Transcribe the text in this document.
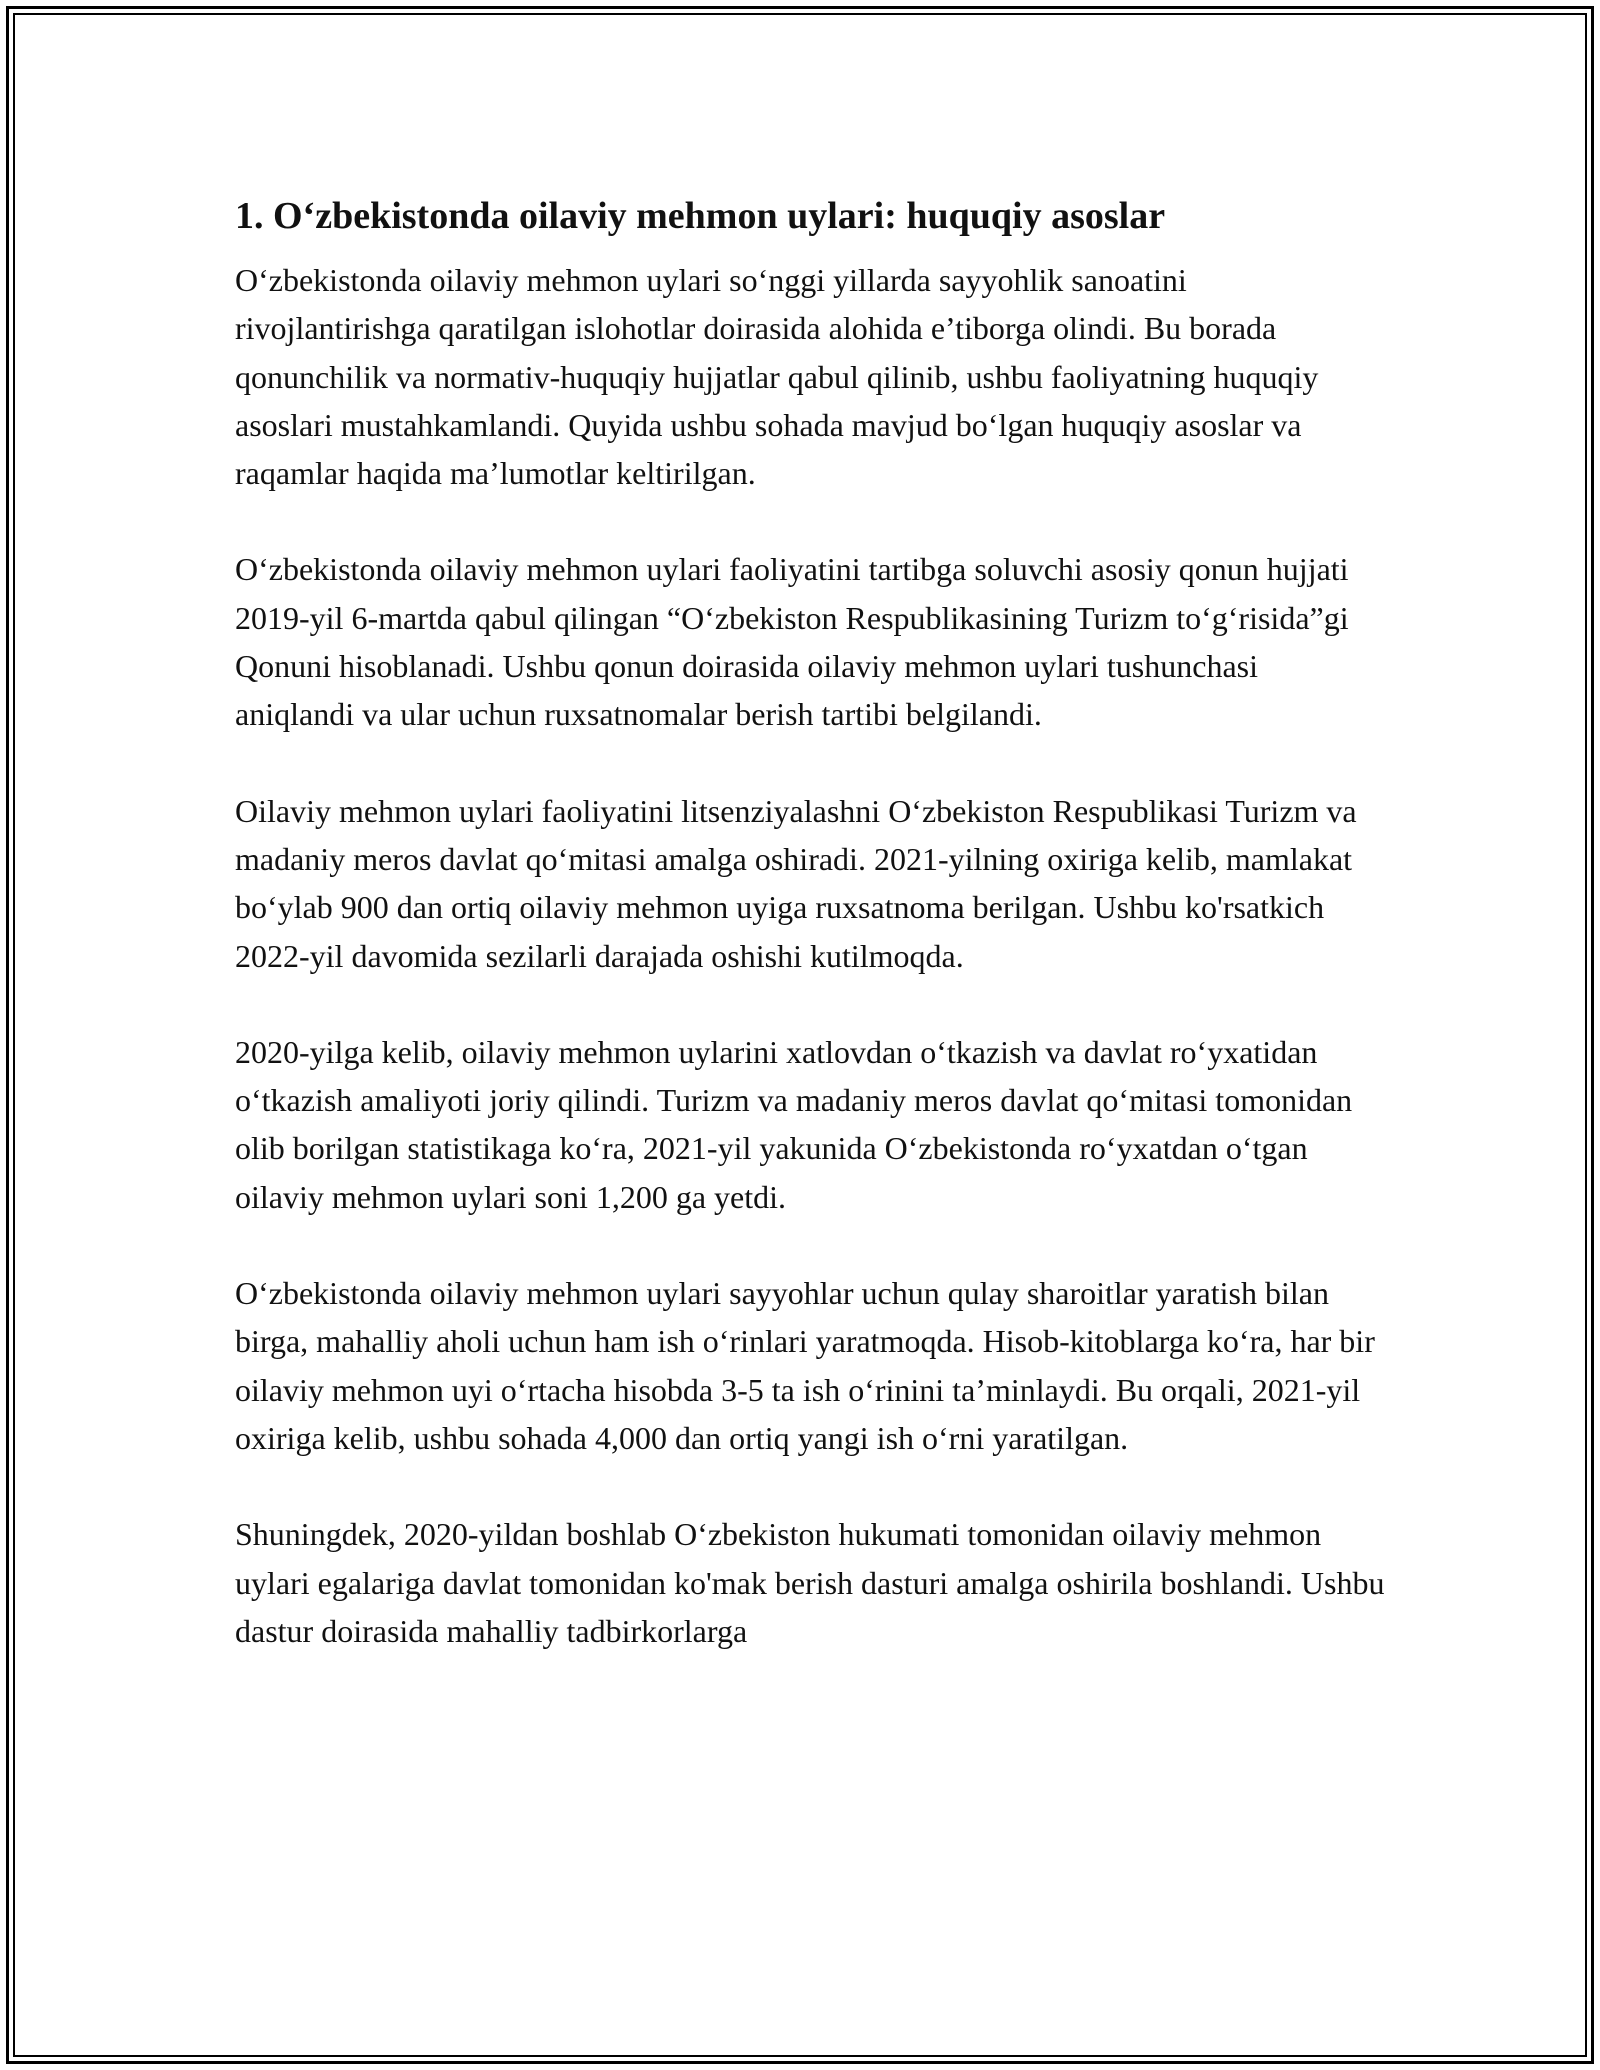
1. O‘zbekistonda oilaviy mehmon uylari: huquqiy asoslar

O‘zbekistonda oilaviy mehmon uylari so‘nggi yillarda sayyohlik sanoatini rivojlantirishga qaratilgan islohotlar doirasida alohida e’tiborga olindi. Bu borada qonunchilik va normativ-huquqiy hujjatlar qabul qilinib, ushbu faoliyatning huquqiy asoslari mustahkamlandi. Quyida ushbu sohada mavjud bo‘lgan huquqiy asoslar va raqamlar haqida ma’lumotlar keltirilgan.

O‘zbekistonda oilaviy mehmon uylari faoliyatini tartibga soluvchi asosiy qonun hujjati 2019-yil 6-martda qabul qilingan “O‘zbekiston Respublikasining Turizm to‘g‘risida”gi Qonuni hisoblanadi. Ushbu qonun doirasida oilaviy mehmon uylari tushunchasi aniqlandi va ular uchun ruxsatnomalar berish tartibi belgilandi.

Oilaviy mehmon uylari faoliyatini litsenziyalashni O‘zbekiston Respublikasi Turizm va madaniy meros davlat qo‘mitasi amalga oshiradi. 2021-yilning oxiriga kelib, mamlakat bo‘ylab 900 dan ortiq oilaviy mehmon uyiga ruxsatnoma berilgan. Ushbu ko'rsatkich 2022-yil davomida sezilarli darajada oshishi kutilmoqda.

2020-yilga kelib, oilaviy mehmon uylarini xatlovdan o‘tkazish va davlat ro‘yxatidan o‘tkazish amaliyoti joriy qilindi. Turizm va madaniy meros davlat qo‘mitasi tomonidan olib borilgan statistikaga ko‘ra, 2021-yil yakunida O‘zbekistonda ro‘yxatdan o‘tgan oilaviy mehmon uylari soni 1,200 ga yetdi.

O‘zbekistonda oilaviy mehmon uylari sayyohlar uchun qulay sharoitlar yaratish bilan birga, mahalliy aholi uchun ham ish o‘rinlari yaratmoqda. Hisob-kitoblarga ko‘ra, har bir oilaviy mehmon uyi o‘rtacha hisobda 3-5 ta ish o‘rinini ta’minlaydi. Bu orqali, 2021-yil oxiriga kelib, ushbu sohada 4,000 dan ortiq yangi ish o‘rni yaratilgan.

Shuningdek, 2020-yildan boshlab O‘zbekiston hukumati tomonidan oilaviy mehmon uylari egalariga davlat tomonidan ko'mak berish dasturi amalga oshirila boshlandi. Ushbu dastur doirasida mahalliy tadbirkorlarga
